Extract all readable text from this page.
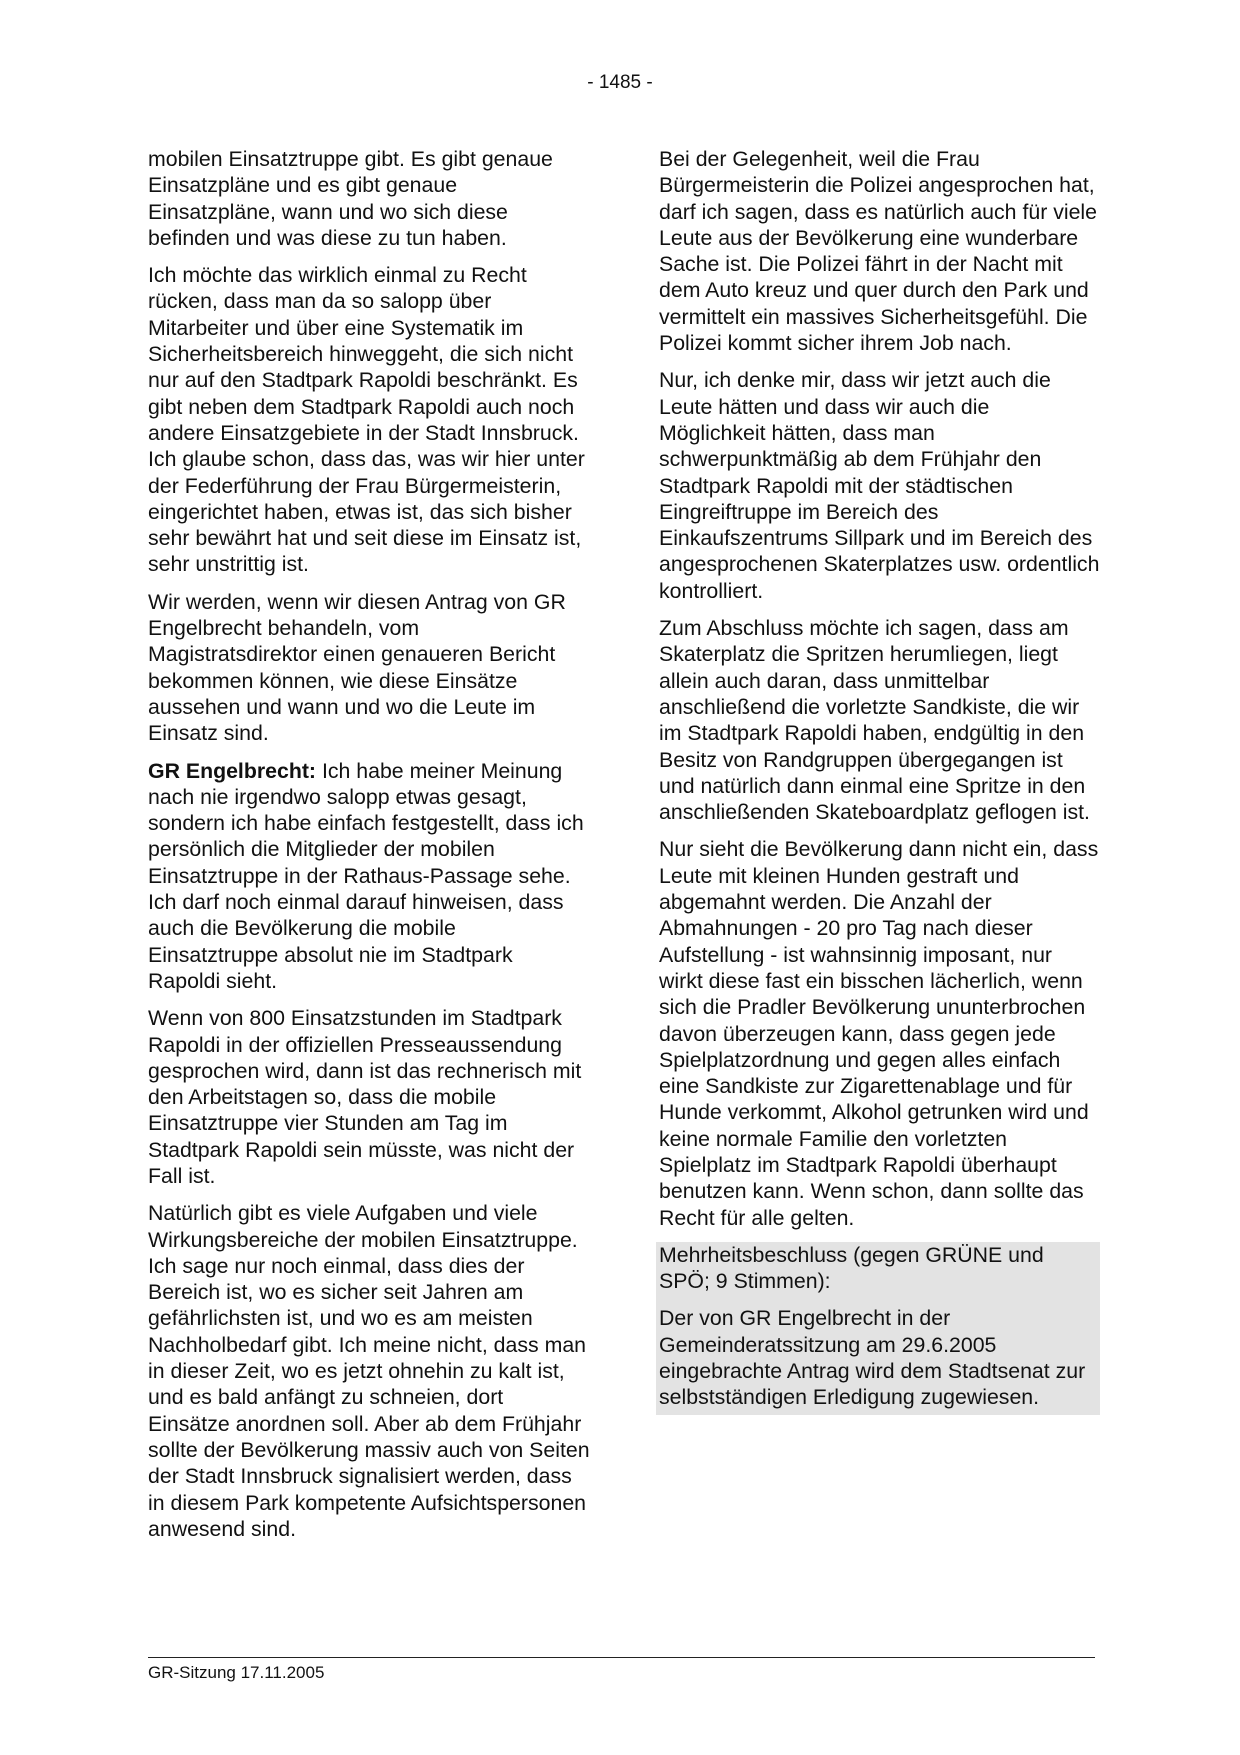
- 1485 -

mobilen Einsatztruppe gibt. Es gibt genaue Einsatzpläne und es gibt genaue Einsatzpläne, wann und wo sich diese befinden und was diese zu tun haben.

Ich möchte das wirklich einmal zu Recht rücken, dass man da so salopp über Mitarbeiter und über eine Systematik im Sicherheitsbereich hinweggeht, die sich nicht nur auf den Stadtpark Rapoldi beschränkt. Es gibt neben dem Stadtpark Rapoldi auch noch andere Einsatzgebiete in der Stadt Innsbruck. Ich glaube schon, dass das, was wir hier unter der Federführung der Frau Bürgermeisterin, eingerichtet haben, etwas ist, das sich bisher sehr bewährt hat und seit diese im Einsatz ist, sehr unstrittig ist.

Wir werden, wenn wir diesen Antrag von GR Engelbrecht behandeln, vom Magistratsdirektor einen genaueren Bericht bekommen können, wie diese Einsätze aussehen und wann und wo die Leute im Einsatz sind.

GR Engelbrecht: Ich habe meiner Meinung nach nie irgendwo salopp etwas gesagt, sondern ich habe einfach festgestellt, dass ich persönlich die Mitglieder der mobilen Einsatztruppe in der Rathaus-Passage sehe. Ich darf noch einmal darauf hinweisen, dass auch die Bevölkerung die mobile Einsatztruppe absolut nie im Stadtpark Rapoldi sieht.

Wenn von 800 Einsatzstunden im Stadtpark Rapoldi in der offiziellen Presseaussendung gesprochen wird, dann ist das rechnerisch mit den Arbeitstagen so, dass die mobile Einsatztruppe vier Stunden am Tag im Stadtpark Rapoldi sein müsste, was nicht der Fall ist.

Natürlich gibt es viele Aufgaben und viele Wirkungsbereiche der mobilen Einsatztruppe. Ich sage nur noch einmal, dass dies der Bereich ist, wo es sicher seit Jahren am gefährlichsten ist, und wo es am meisten Nachholbedarf gibt. Ich meine nicht, dass man in dieser Zeit, wo es jetzt ohnehin zu kalt ist, und es bald anfängt zu schneien, dort Einsätze anordnen soll. Aber ab dem Frühjahr sollte der Bevölkerung massiv auch von Seiten der Stadt Innsbruck signalisiert werden, dass in diesem Park kompetente Aufsichtspersonen anwesend sind.

Bei der Gelegenheit, weil die Frau Bürgermeisterin die Polizei angesprochen hat, darf ich sagen, dass es natürlich auch für viele Leute aus der Bevölkerung eine wunderbare Sache ist. Die Polizei fährt in der Nacht mit dem Auto kreuz und quer durch den Park und vermittelt ein massives Sicherheitsgefühl. Die Polizei kommt sicher ihrem Job nach.

Nur, ich denke mir, dass wir jetzt auch die Leute hätten und dass wir auch die Möglichkeit hätten, dass man schwerpunktmäßig ab dem Frühjahr den Stadtpark Rapoldi mit der städtischen Eingreiftruppe im Bereich des Einkaufszentrums Sillpark und im Bereich des angesprochenen Skaterplatzes usw. ordentlich kontrolliert.

Zum Abschluss möchte ich sagen, dass am Skaterplatz die Spritzen herumliegen, liegt allein auch daran, dass unmittelbar anschließend die vorletzte Sandkiste, die wir im Stadtpark Rapoldi haben, endgültig in den Besitz von Randgruppen übergegangen ist und natürlich dann einmal eine Spritze in den anschließenden Skateboardplatz geflogen ist.

Nur sieht die Bevölkerung dann nicht ein, dass Leute mit kleinen Hunden gestraft und abgemahnt werden. Die Anzahl der Abmahnungen - 20 pro Tag nach dieser Aufstellung - ist wahnsinnig imposant, nur wirkt diese fast ein bisschen lächerlich, wenn sich die Pradler Bevölkerung ununterbrochen davon überzeugen kann, dass gegen jede Spielplatzordnung und gegen alles einfach eine Sandkiste zur Zigarettenablage und für Hunde verkommt, Alkohol getrunken wird und keine normale Familie den vorletzten Spielplatz im Stadtpark Rapoldi überhaupt benutzen kann. Wenn schon, dann sollte das Recht für alle gelten.

Mehrheitsbeschluss (gegen GRÜNE und SPÖ; 9 Stimmen):

Der von GR Engelbrecht in der Gemeinderatssitzung am 29.6.2005 eingebrachte Antrag wird dem Stadtsenat zur selbstständigen Erledigung zugewiesen.

GR-Sitzung 17.11.2005
